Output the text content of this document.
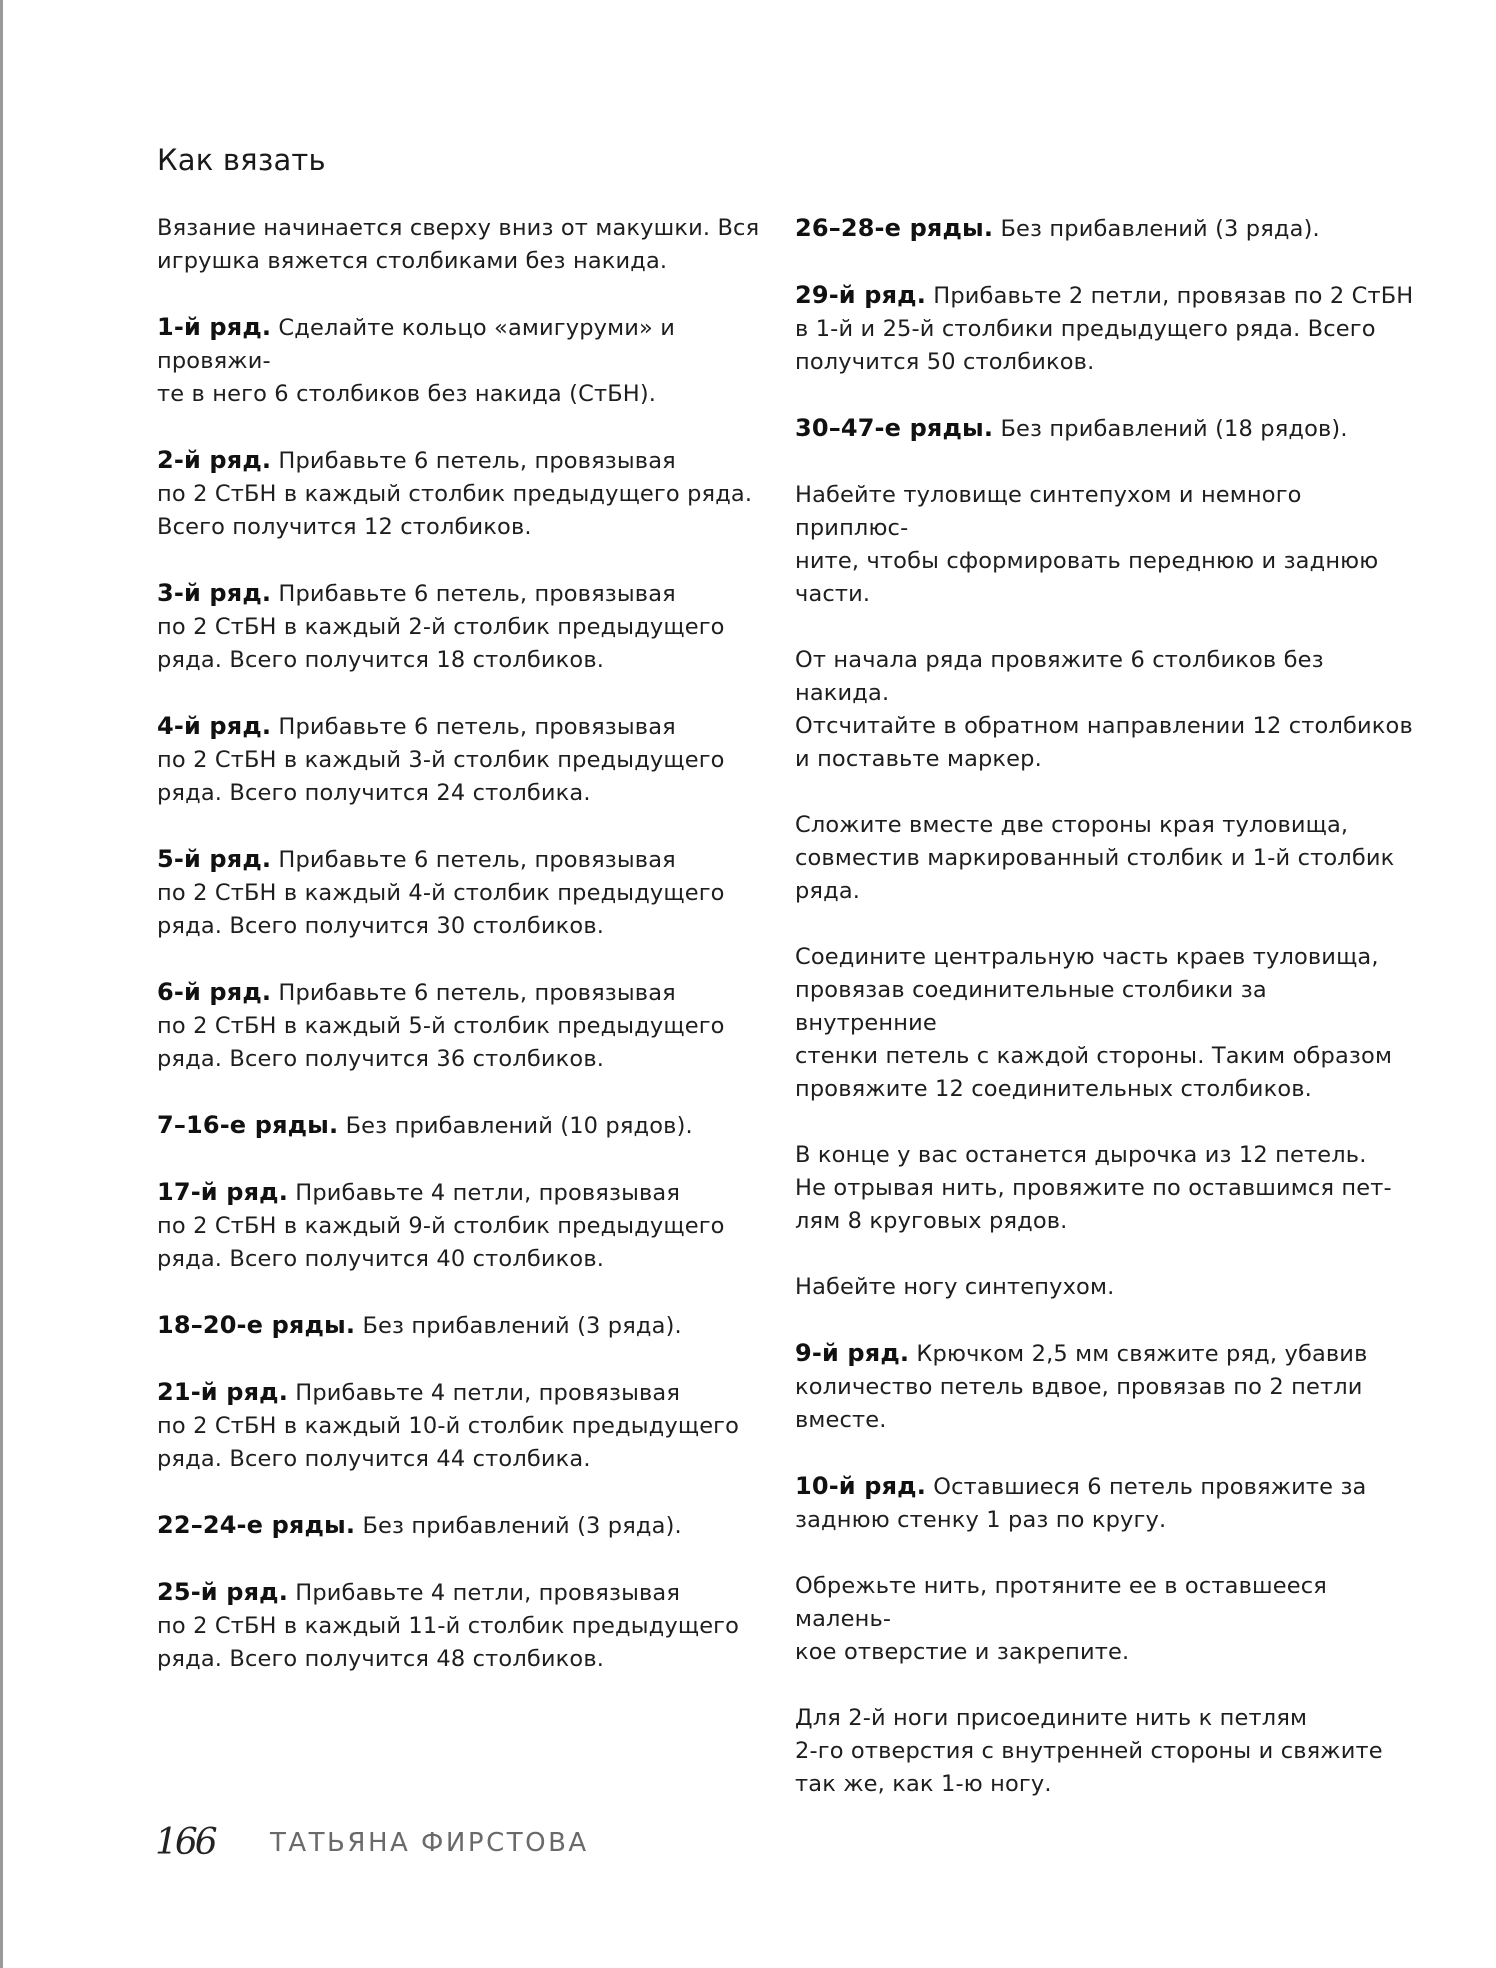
Как вязать
Вязание начинается сверху вниз от макушки. Вся
игрушка вяжется столбиками без накида.
1-й ряд. Сделайте кольцо «амигуруми» и провяжи-
те в него 6 столбиков без накида (СтБН).
2-й ряд. Прибавьте 6 петель, провязывая
по 2 СтБН в каждый столбик предыдущего ряда.
Всего получится 12 столбиков.
3-й ряд. Прибавьте 6 петель, провязывая
по 2 СтБН в каждый 2-й столбик предыдущего
ряда. Всего получится 18 столбиков.
4-й ряд. Прибавьте 6 петель, провязывая
по 2 СтБН в каждый 3-й столбик предыдущего
ряда. Всего получится 24 столбика.
5-й ряд. Прибавьте 6 петель, провязывая
по 2 СтБН в каждый 4-й столбик предыдущего
ряда. Всего получится 30 столбиков.
6-й ряд. Прибавьте 6 петель, провязывая
по 2 СтБН в каждый 5-й столбик предыдущего
ряда. Всего получится 36 столбиков.
7–16-е ряды. Без прибавлений (10 рядов).
17-й ряд. Прибавьте 4 петли, провязывая
по 2 СтБН в каждый 9-й столбик предыдущего
ряда. Всего получится 40 столбиков.
18–20-е ряды. Без прибавлений (3 ряда).
21-й ряд. Прибавьте 4 петли, провязывая
по 2 СтБН в каждый 10-й столбик предыдущего
ряда. Всего получится 44 столбика.
22–24-е ряды. Без прибавлений (3 ряда).
25-й ряд. Прибавьте 4 петли, провязывая
по 2 СтБН в каждый 11-й столбик предыдущего
ряда. Всего получится 48 столбиков.
26–28-е ряды. Без прибавлений (3 ряда).
29-й ряд. Прибавьте 2 петли, провязав по 2 СтБН
в 1-й и 25-й столбики предыдущего ряда. Всего
получится 50 столбиков.
30–47-е ряды. Без прибавлений (18 рядов).
Набейте туловище синтепухом и немного приплюс-
ните, чтобы сформировать переднюю и заднюю
части.
От начала ряда провяжите 6 столбиков без накида.
Отсчитайте в обратном направлении 12 столбиков
и поставьте маркер.
Сложите вместе две стороны края туловища,
совместив маркированный столбик и 1-й столбик
ряда.
Соедините центральную часть краев туловища,
провязав соединительные столбики за внутренние
стенки петель с каждой стороны. Таким образом
провяжите 12 соединительных столбиков.
В конце у вас останется дырочка из 12 петель.
Не отрывая нить, провяжите по оставшимся пет-
лям 8 круговых рядов.
Набейте ногу синтепухом.
9-й ряд. Крючком 2,5 мм свяжите ряд, убавив
количество петель вдвое, провязав по 2 петли
вместе.
10-й ряд. Оставшиеся 6 петель провяжите за
заднюю стенку 1 раз по кругу.
Обрежьте нить, протяните ее в оставшееся малень-
кое отверстие и закрепите.
Для 2-й ноги присоедините нить к петлям
2-го отверстия с внутренней стороны и свяжите
так же, как 1-ю ногу.
166 ТАТЬЯНА ФИРСТОВА
